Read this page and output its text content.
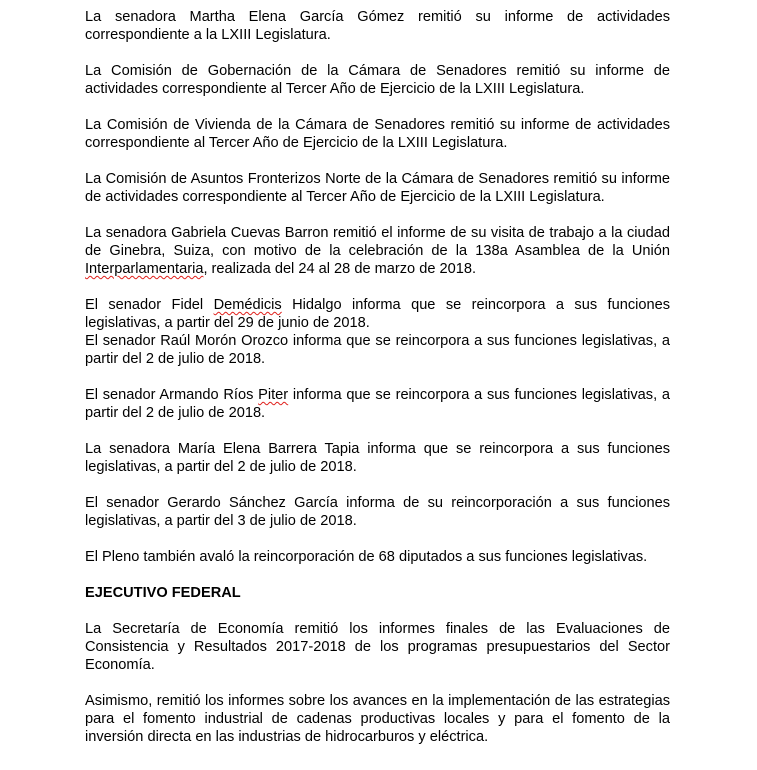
La senadora Martha Elena García Gómez remitió su informe de actividades correspondiente a la LXIII Legislatura.

La Comisión de Gobernación de la Cámara de Senadores remitió su informe de actividades correspondiente al Tercer Año de Ejercicio de la LXIII Legislatura.

La Comisión de Vivienda de la Cámara de Senadores remitió su informe de actividades correspondiente al Tercer Año de Ejercicio de la LXIII Legislatura.

La Comisión de Asuntos Fronterizos Norte de la Cámara de Senadores remitió su informe de actividades correspondiente al Tercer Año de Ejercicio de la LXIII Legislatura.

La senadora Gabriela Cuevas Barron remitió el informe de su visita de trabajo a la ciudad de Ginebra, Suiza, con motivo de la celebración de la 138a Asamblea de la Unión Interparlamentaria, realizada del 24 al 28 de marzo de 2018.

El senador Fidel Demédicis Hidalgo informa que se reincorpora a sus funciones legislativas, a partir del 29 de junio de 2018.

El senador Raúl Morón Orozco informa que se reincorpora a sus funciones legislativas, a partir del 2 de julio de 2018.

El senador Armando Ríos Piter informa que se reincorpora a sus funciones legislativas, a partir del 2 de julio de 2018.

La senadora María Elena Barrera Tapia informa que se reincorpora a sus funciones legislativas, a partir del 2 de julio de 2018.

El senador Gerardo Sánchez García informa de su reincorporación a sus funciones legislativas, a partir del 3 de julio de 2018.

El Pleno también avaló la reincorporación de 68 diputados a sus funciones legislativas.

EJECUTIVO FEDERAL

La Secretaría de Economía remitió los informes finales de las Evaluaciones de Consistencia y Resultados 2017-2018 de los programas presupuestarios del Sector Economía.

Asimismo, remitió los informes sobre los avances en la implementación de las estrategias para el fomento industrial de cadenas productivas locales y para el fomento de la inversión directa en las industrias de hidrocarburos y eléctrica.
